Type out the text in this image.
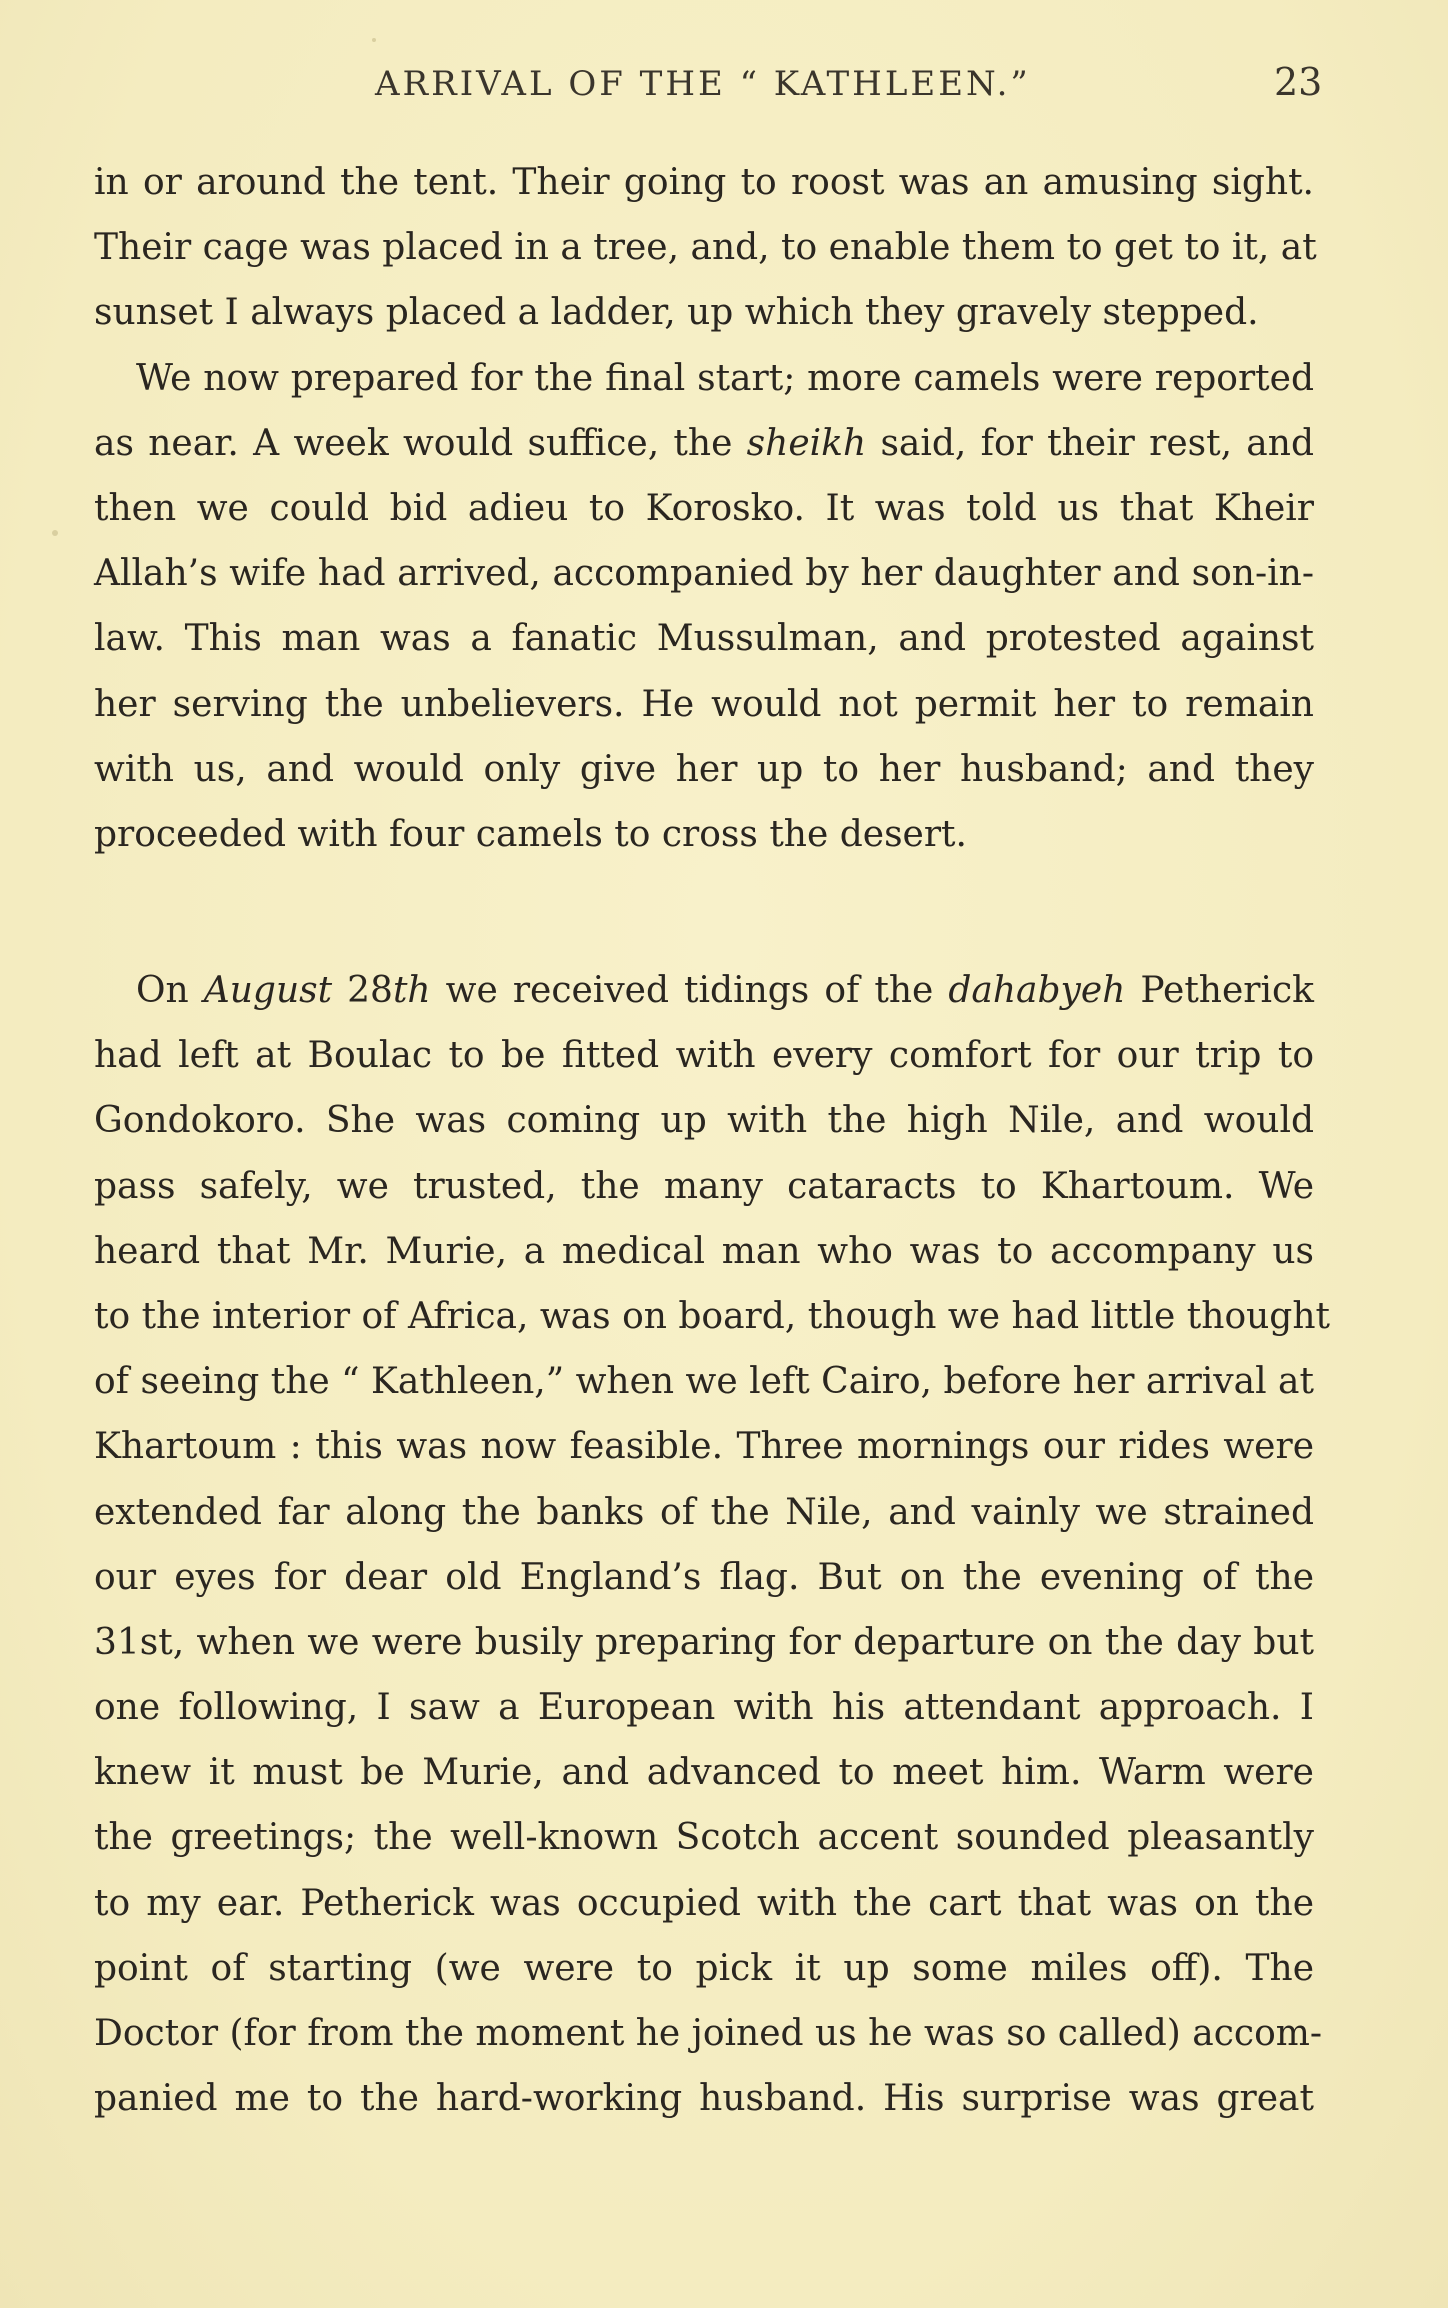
ARRIVAL OF THE “ KATHLEEN.”	23
in or around the tent. Their going to roost was an amusing sight.
Their cage was placed in a tree, and, to enable them to get to it, at
sunset I always placed a ladder, up which they gravely stepped.
We now prepared for the final start; more camels were reported
as near. A week would suffice, the sheikh said, for their rest, and
then we could bid adieu to Korosko. It was told us that Kheir
Allah’s wife had arrived, accompanied by her daughter and son-in-
law. This man was a fanatic Mussulman, and protested against
her serving the unbelievers. He would not permit her to remain
with us, and would only give her up to her husband; and they
proceeded with four camels to cross the desert.
On August 28th we received tidings of the dahabyeh Petherick
had left at Boulac to be fitted with every comfort for our trip to
Gondokoro. She was coming up with the high Nile, and would
pass safely, we trusted, the many cataracts to Khartoum. We
heard that Mr. Murie, a medical man who was to accompany us
to the interior of Africa, was on board, though we had little thought
of seeing the “ Kathleen,” when we left Cairo, before her arrival at
Khartoum : this was now feasible. Three mornings our rides were
extended far along the banks of the Nile, and vainly we strained
our eyes for dear old England’s flag. But on the evening of the
31st, when we were busily preparing for departure on the day but
one following, I saw a European with his attendant approach. I
knew it must be Murie, and advanced to meet him. Warm were
the greetings; the well-known Scotch accent sounded pleasantly
to my ear. Petherick was occupied with the cart that was on the
point of starting (we were to pick it up some miles off). The
Doctor (for from the moment he joined us he was so called) accom-
panied me to the hard-working husband. His surprise was great
